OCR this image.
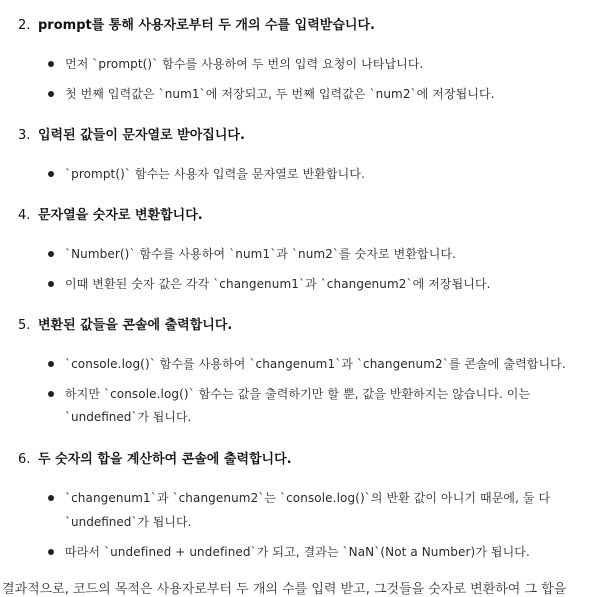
2. prompt를 통해 사용자로부터 두 개의 수를 입력받습니다.
먼저 `prompt()` 함수를 사용하여 두 번의 입력 요청이 나타납니다.
첫 번째 입력값은 `num1`에 저장되고, 두 번째 입력값은 `num2`에 저장됩니다.
3. 입력된 값들이 문자열로 받아집니다.
`prompt()` 함수는 사용자 입력을 문자열로 반환합니다.
4. 문자열을 숫자로 변환합니다.
`Number()` 함수를 사용하여 `num1`과 `num2`를 숫자로 변환합니다.
이때 변환된 숫자 값은 각각 `changenum1`과 `changenum2`에 저장됩니다.
5. 변환된 값들을 콘솔에 출력합니다.
`console.log()` 함수를 사용하여 `changenum1`과 `changenum2`를 콘솔에 출력합니다.
하지만 `console.log()` 함수는 값을 출력하기만 할 뿐, 값을 반환하지는 않습니다. 이는
`undefined`가 됩니다.
6. 두 숫자의 합을 계산하여 콘솔에 출력합니다.
`changenum1`과 `changenum2`는 `console.log()`의 반환 값이 아니기 때문에, 둘 다
`undefined`가 됩니다.
따라서 `undefined + undefined`가 되고, 결과는 `NaN`(Not a Number)가 됩니다.
결과적으로, 코드의 목적은 사용자로부터 두 개의 수를 입력 받고, 그것들을 숫자로 변환하여 그 합을
